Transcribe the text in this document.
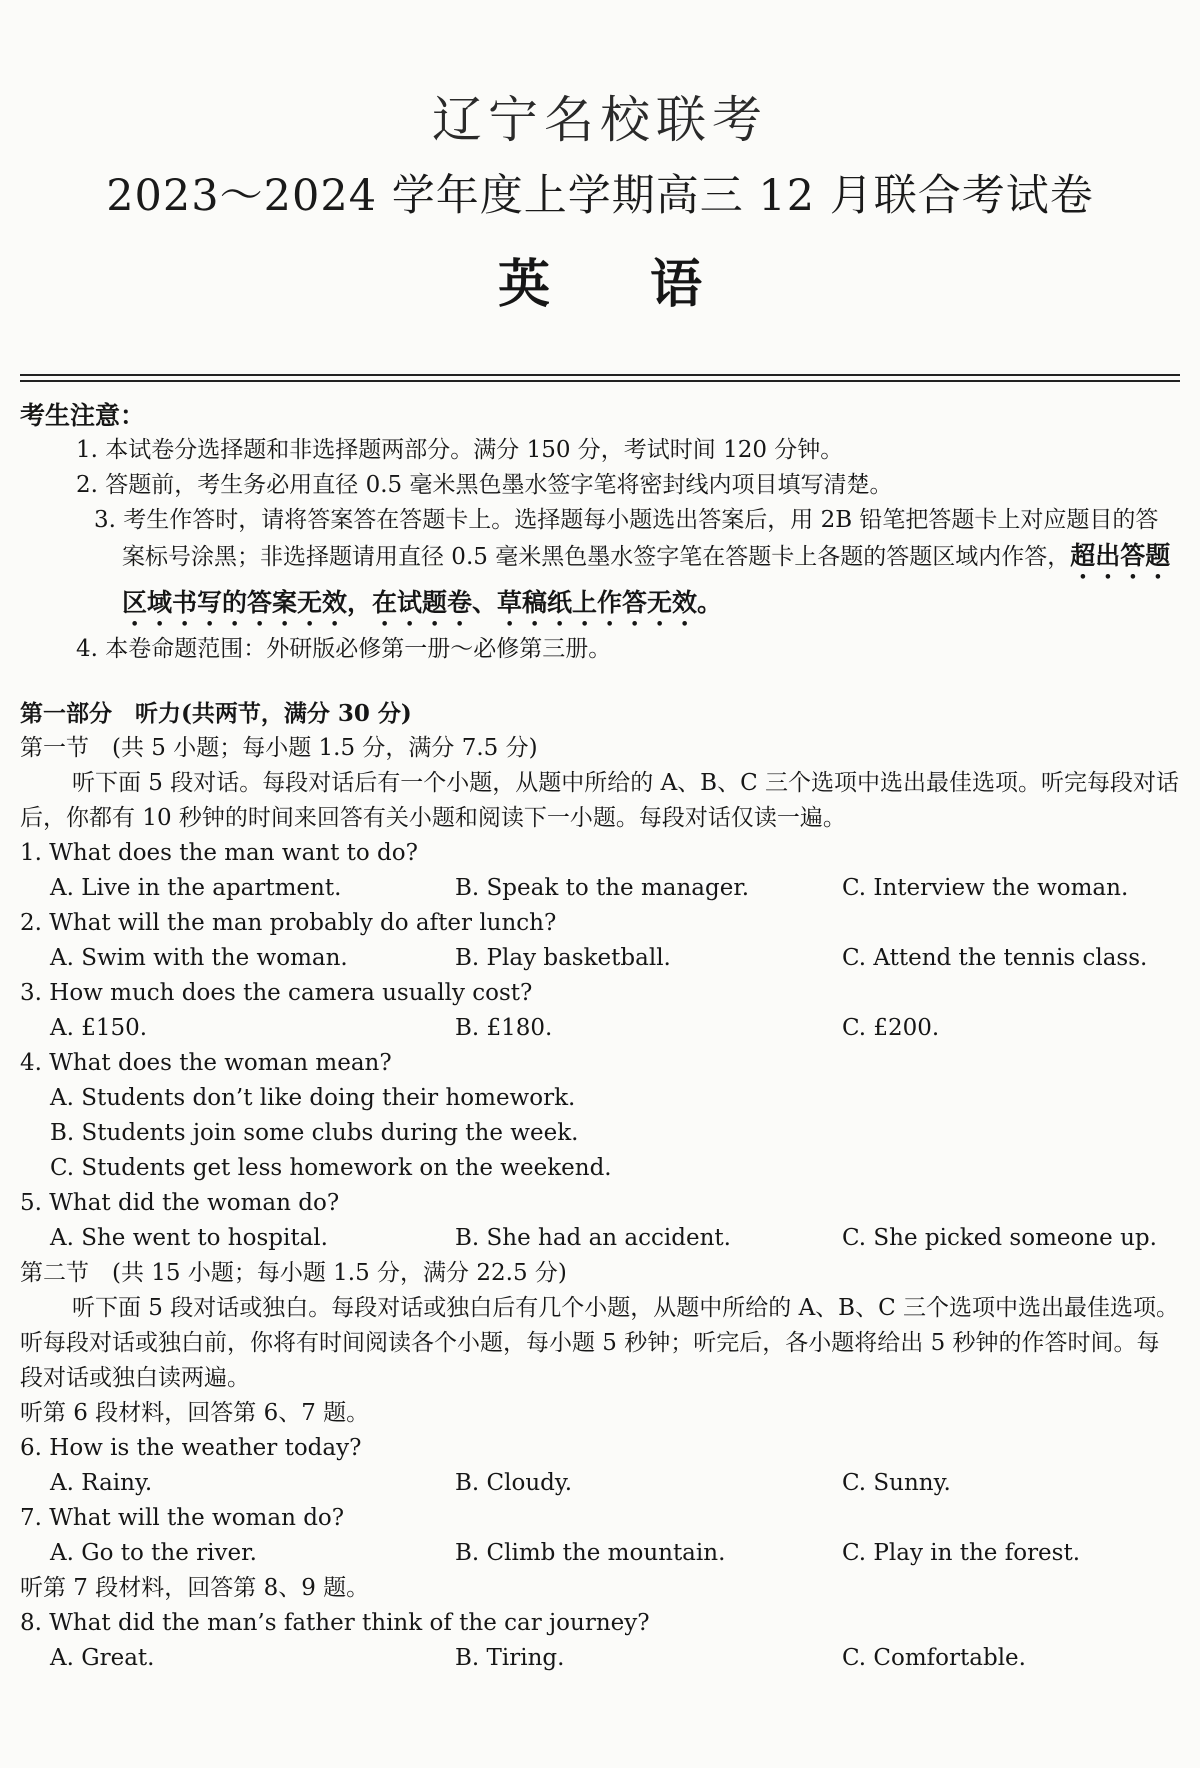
辽宁名校联考
2023～2024 学年度上学期高三 12 月联合考试卷
英语
考生注意：
1. 本试卷分选择题和非选择题两部分。满分 150 分，考试时间 120 分钟。
2. 答题前，考生务必用直径 0.5 毫米黑色墨水签字笔将密封线内项目填写清楚。
3. 考生作答时，请将答案答在答题卡上。选择题每小题选出答案后，用 2B 铅笔把答题卡上对应题目的答案标号涂黑；非选择题请用直径 0.5 毫米黑色墨水签字笔在答题卡上各题的答题区域内作答，超出答题区域书写的答案无效，在试题卷、草稿纸上作答无效。
4. 本卷命题范围：外研版必修第一册～必修第三册。
第一部分　听力(共两节，满分 30 分)
第一节　(共 5 小题；每小题 1.5 分，满分 7.5 分)
听下面 5 段对话。每段对话后有一个小题，从题中所给的 A、B、C 三个选项中选出最佳选项。听完每段对话后，你都有 10 秒钟的时间来回答有关小题和阅读下一小题。每段对话仅读一遍。
1. What does the man want to do?
A. Live in the apartment.	B. Speak to the manager.	C. Interview the woman.
2. What will the man probably do after lunch?
A. Swim with the woman.	B. Play basketball.	C. Attend the tennis class.
3. How much does the camera usually cost?
A. £150.	B. £180.	C. £200.
4. What does the woman mean?
A. Students don’t like doing their homework.
B. Students join some clubs during the week.
C. Students get less homework on the weekend.
5. What did the woman do?
A. She went to hospital.	B. She had an accident.	C. She picked someone up.
第二节　(共 15 小题；每小题 1.5 分，满分 22.5 分)
听下面 5 段对话或独白。每段对话或独白后有几个小题，从题中所给的 A、B、C 三个选项中选出最佳选项。听每段对话或独白前，你将有时间阅读各个小题，每小题 5 秒钟；听完后，各小题将给出 5 秒钟的作答时间。每段对话或独白读两遍。
听第 6 段材料，回答第 6、7 题。
6. How is the weather today?
A. Rainy.	B. Cloudy.	C. Sunny.
7. What will the woman do?
A. Go to the river.	B. Climb the mountain.	C. Play in the forest.
听第 7 段材料，回答第 8、9 题。
8. What did the man’s father think of the car journey?
A. Great.	B. Tiring.	C. Comfortable.
